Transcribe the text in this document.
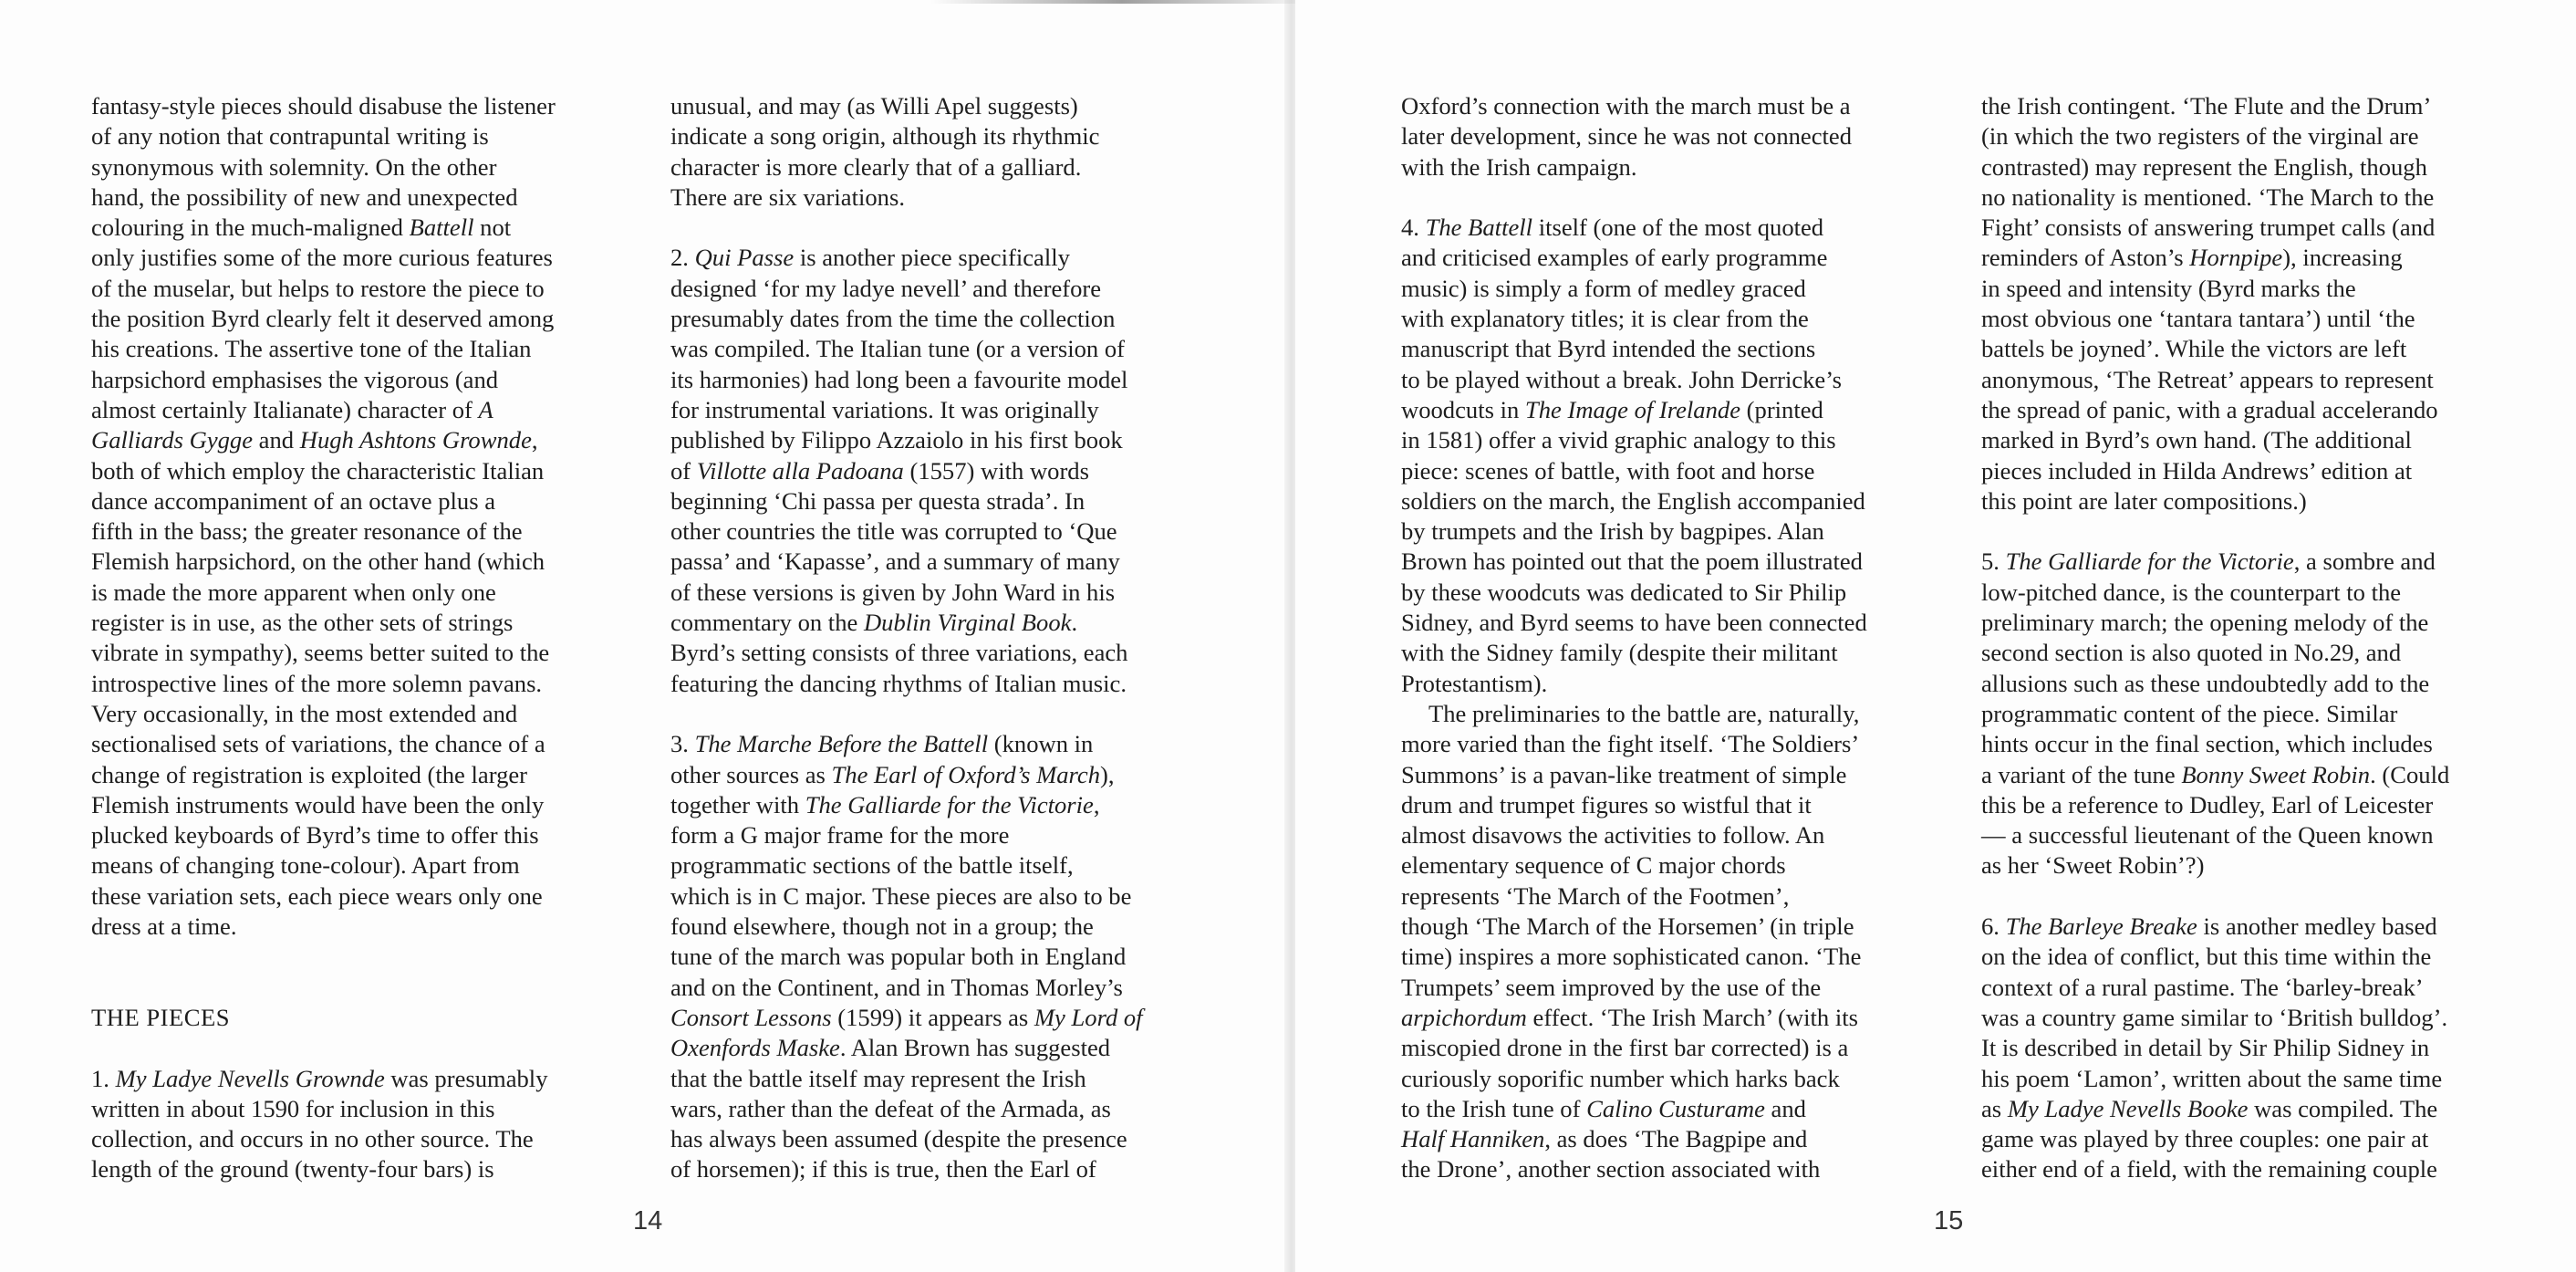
fantasy-style pieces should disabuse the listener

of any notion that contrapuntal writing is

synonymous with solemnity. On the other

hand, the possibility of new and unexpected

colouring in the much-maligned Battell not

only justifies some of the more curious features

of the muselar, but helps to restore the piece to

the position Byrd clearly felt it deserved among

his creations. The assertive tone of the Italian

harpsichord emphasises the vigorous (and

almost certainly Italianate) character of A

Galliards Gygge and Hugh Ashtons Grownde,

both of which employ the characteristic Italian

dance accompaniment of an octave plus a

fifth in the bass; the greater resonance of the

Flemish harpsichord, on the other hand (which

is made the more apparent when only one

register is in use, as the other sets of strings

vibrate in sympathy), seems better suited to the

introspective lines of the more solemn pavans.

Very occasionally, in the most extended and

sectionalised sets of variations, the chance of a

change of registration is exploited (the larger

Flemish instruments would have been the only

plucked keyboards of Byrd’s time to offer this

means of changing tone-colour). Apart from

these variation sets, each piece wears only one

dress at a time.

THE PIECES

1. My Ladye Nevells Grownde was presumably

written in about 1590 for inclusion in this

collection, and occurs in no other source. The

length of the ground (twenty-four bars) is

unusual, and may (as Willi Apel suggests)

indicate a song origin, although its rhythmic

character is more clearly that of a galliard.

There are six variations.

2. Qui Passe is another piece specifically

designed ‘for my ladye nevell’ and therefore

presumably dates from the time the collection

was compiled. The Italian tune (or a version of

its harmonies) had long been a favourite model

for instrumental variations. It was originally

published by Filippo Azzaiolo in his first book

of Villotte alla Padoana (1557) with words

beginning ‘Chi passa per questa strada’. In

other countries the title was corrupted to ‘Que

passa’ and ‘Kapasse’, and a summary of many

of these versions is given by John Ward in his

commentary on the Dublin Virginal Book.

Byrd’s setting consists of three variations, each

featuring the dancing rhythms of Italian music.

3. The Marche Before the Battell (known in

other sources as The Earl of Oxford’s March),

together with The Galliarde for the Victorie,

form a G major frame for the more

programmatic sections of the battle itself,

which is in C major. These pieces are also to be

found elsewhere, though not in a group; the

tune of the march was popular both in England

and on the Continent, and in Thomas Morley’s

Consort Lessons (1599) it appears as My Lord of

Oxenfords Maske. Alan Brown has suggested

that the battle itself may represent the Irish

wars, rather than the defeat of the Armada, as

has always been assumed (despite the presence

of horsemen); if this is true, then the Earl of

14

Oxford’s connection with the march must be a

later development, since he was not connected

with the Irish campaign.

4. The Battell itself (one of the most quoted

and criticised examples of early programme

music) is simply a form of medley graced

with explanatory titles; it is clear from the

manuscript that Byrd intended the sections

to be played without a break. John Derricke’s

woodcuts in The Image of Irelande (printed

in 1581) offer a vivid graphic analogy to this

piece: scenes of battle, with foot and horse

soldiers on the march, the English accompanied

by trumpets and the Irish by bagpipes. Alan

Brown has pointed out that the poem illustrated

by these woodcuts was dedicated to Sir Philip

Sidney, and Byrd seems to have been connected

with the Sidney family (despite their militant

Protestantism).

The preliminaries to the battle are, naturally,

more varied than the fight itself. ‘The Soldiers’

Summons’ is a pavan-like treatment of simple

drum and trumpet figures so wistful that it

almost disavows the activities to follow. An

elementary sequence of C major chords

represents ‘The March of the Footmen’,

though ‘The March of the Horsemen’ (in triple

time) inspires a more sophisticated canon. ‘The

Trumpets’ seem improved by the use of the

arpichordum effect. ‘The Irish March’ (with its

miscopied drone in the first bar corrected) is a

curiously soporific number which harks back

to the Irish tune of Calino Custurame and

Half Hanniken, as does ‘The Bagpipe and

the Drone’, another section associated with

the Irish contingent. ‘The Flute and the Drum’

(in which the two registers of the virginal are

contrasted) may represent the English, though

no nationality is mentioned. ‘The March to the

Fight’ consists of answering trumpet calls (and

reminders of Aston’s Hornpipe), increasing

in speed and intensity (Byrd marks the

most obvious one ‘tantara tantara’) until ‘the

battels be joyned’. While the victors are left

anonymous, ‘The Retreat’ appears to represent

the spread of panic, with a gradual accelerando

marked in Byrd’s own hand. (The additional

pieces included in Hilda Andrews’ edition at

this point are later compositions.)

5. The Galliarde for the Victorie, a sombre and

low-pitched dance, is the counterpart to the

preliminary march; the opening melody of the

second section is also quoted in No.29, and

allusions such as these undoubtedly add to the

programmatic content of the piece. Similar

hints occur in the final section, which includes

a variant of the tune Bonny Sweet Robin. (Could

this be a reference to Dudley, Earl of Leicester

— a successful lieutenant of the Queen known

as her ‘Sweet Robin’?)

6. The Barleye Breake is another medley based

on the idea of conflict, but this time within the

context of a rural pastime. The ‘barley-break’

was a country game similar to ‘British bulldog’.

It is described in detail by Sir Philip Sidney in

his poem ‘Lamon’, written about the same time

as My Ladye Nevells Booke was compiled. The

game was played by three couples: one pair at

either end of a field, with the remaining couple

15
